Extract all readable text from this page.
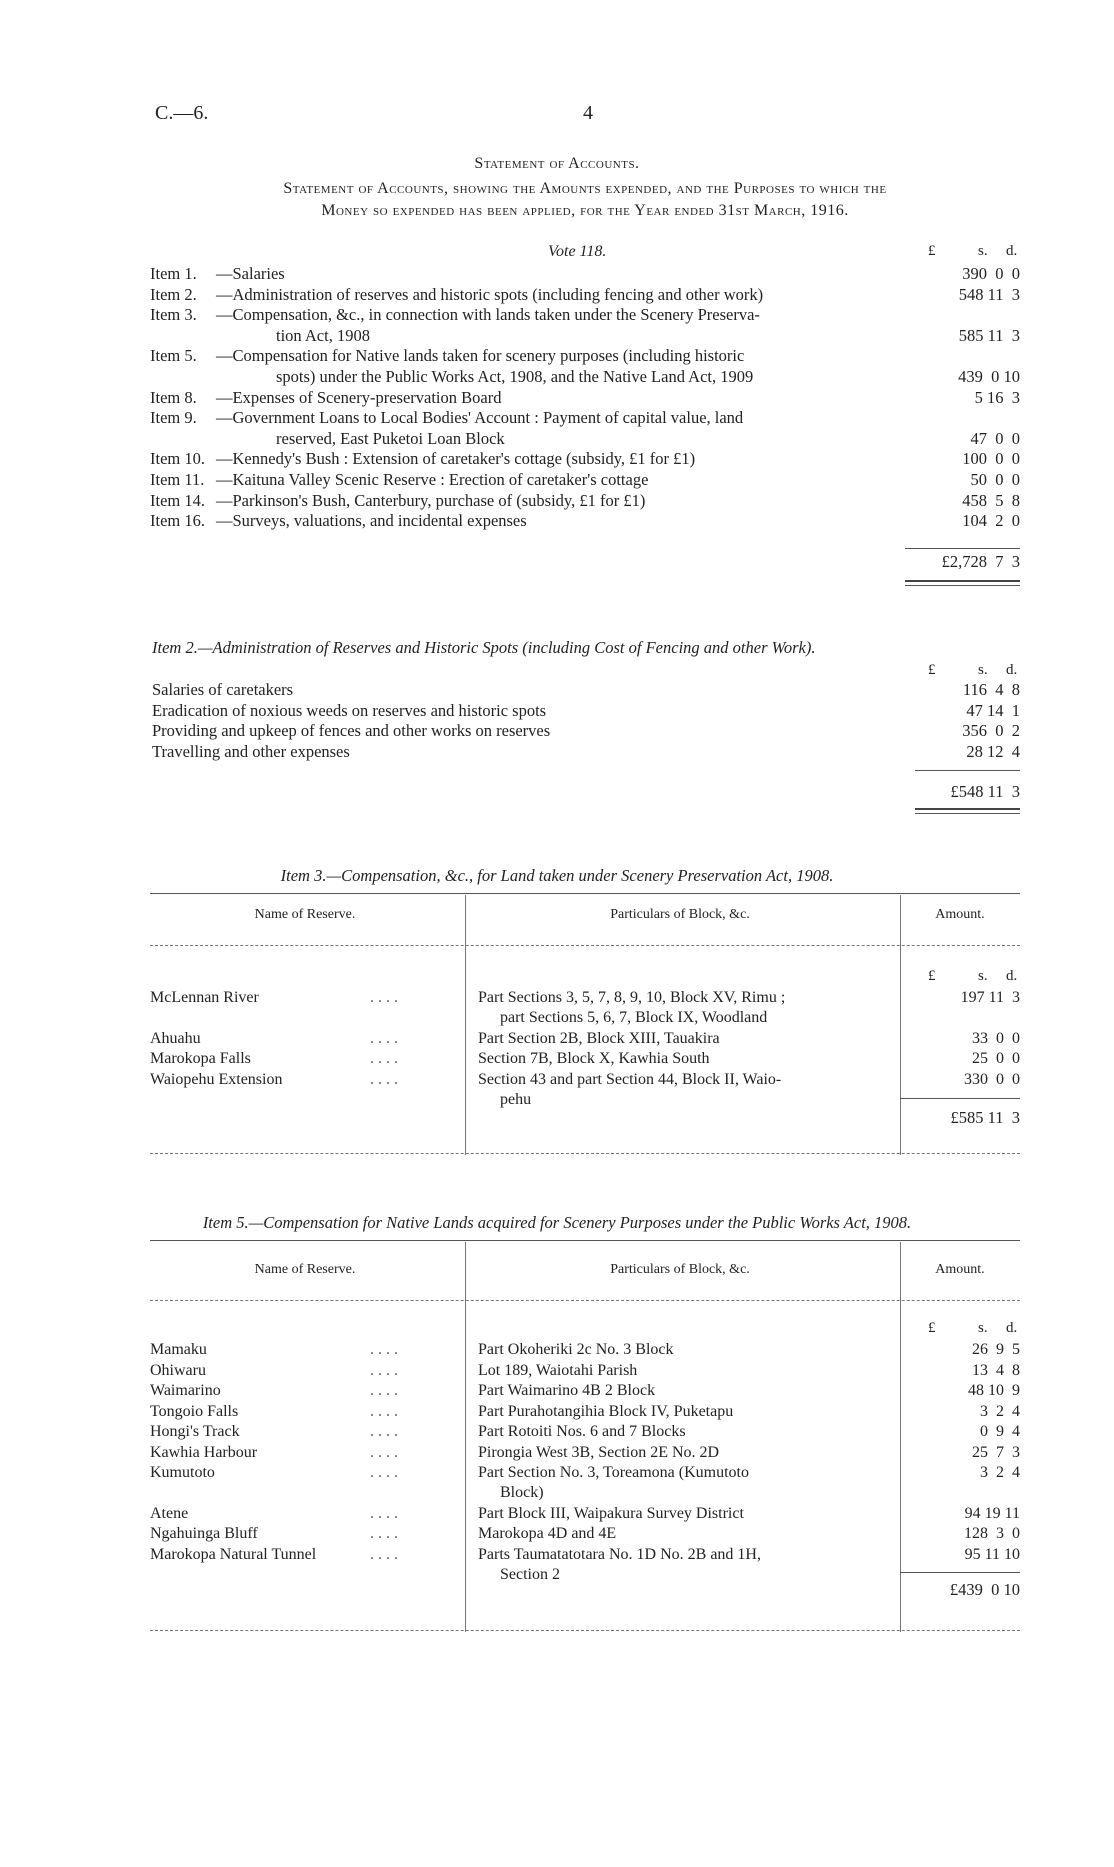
C.—6.	4
Statement of Accounts.
Statement of Accounts, showing the Amounts expended, and the Purposes to which the
Money so expended has been applied, for the Year ended 31st March, 1916.
Vote 118.	£	s. d.
Item 1. —Salaries	390  0  0
Item 2. —Administration of reserves and historic spots (including fencing and other work)	548 11  3
Item 3. —Compensation, &c., in connection with lands taken under the Scenery Preserva-
tion Act, 1908	585 11  3
Item 5. —Compensation for Native lands taken for scenery purposes (including historic
spots) under the Public Works Act, 1908, and the Native Land Act, 1909	439  0 10
Item 8. —Expenses of Scenery-preservation Board	5 16  3
Item 9. —Government Loans to Local Bodies' Account : Payment of capital value, land
reserved, East Puketoi Loan Block	47  0  0
Item 10. —Kennedy's Bush : Extension of caretaker's cottage (subsidy, £1 for £1)	100  0  0
Item 11. —Kaituna Valley Scenic Reserve : Erection of caretaker's cottage	50  0  0
Item 14. —Parkinson's Bush, Canterbury, purchase of (subsidy, £1 for £1)	458  5  8
Item 16. —Surveys, valuations, and incidental expenses	104  2  0
£2,728  7  3
Item 2.—Administration of Reserves and Historic Spots (including Cost of Fencing and other Work).
£	s. d.
Salaries of caretakers	116  4  8
Eradication of noxious weeds on reserves and historic spots	47 14  1
Providing and upkeep of fences and other works on reserves	356  0  2
Travelling and other expenses	28 12  4
£548 11  3
Item 3.—Compensation, &c., for Land taken under Scenery Preservation Act, 1908.
Name of Reserve.	Particulars of Block, &c.	Amount.
£	s. d.
McLennan River	. . . .	Part Sections 3, 5, 7, 8, 9, 10, Block XV, Rimu ;
part Sections 5, 6, 7, Block IX, Woodland
197 11  3
Ahuahu	. . . .	Part Section 2B, Block XIII, Tauakira	33  0  0
Marokopa Falls	. . . .	Section 7B, Block X, Kawhia South	25  0  0
Waiopehu Extension	. . . .	Section 43 and part Section 44, Block II, Waio-
pehu
330  0  0
£585 11  3
Item 5.—Compensation for Native Lands acquired for Scenery Purposes under the Public Works Act, 1908.
Name of Reserve.	Particulars of Block, &c.	Amount.
£	s. d.
Mamaku	. . . .	Part Okoheriki 2c No. 3 Block	26  9  5
Ohiwaru	. . . .	Lot 189, Waiotahi Parish	13  4  8
Waimarino	. . . .	Part Waimarino 4B 2 Block	48 10  9
Tongoio Falls	. . . .	Part Purahotangihia Block IV, Puketapu	3  2  4
Hongi's Track	. . . .	Part Rotoiti Nos. 6 and 7 Blocks	0  9  4
Kawhia Harbour	. . . .	Pirongia West 3B, Section 2E No. 2D	25  7  3
Kumutoto	. . . .	Part Section No. 3, Toreamona (Kumutoto
Block)
3  2  4
Atene	. . . .	Part Block III, Waipakura Survey District	94 19 11
Ngahuinga Bluff	. . . .	Marokopa 4D and 4E	128  3  0
Marokopa Natural Tunnel	. . . .	Parts Taumatatotara No. 1D No. 2B and 1H,
Section 2
95 11 10
£439  0 10
